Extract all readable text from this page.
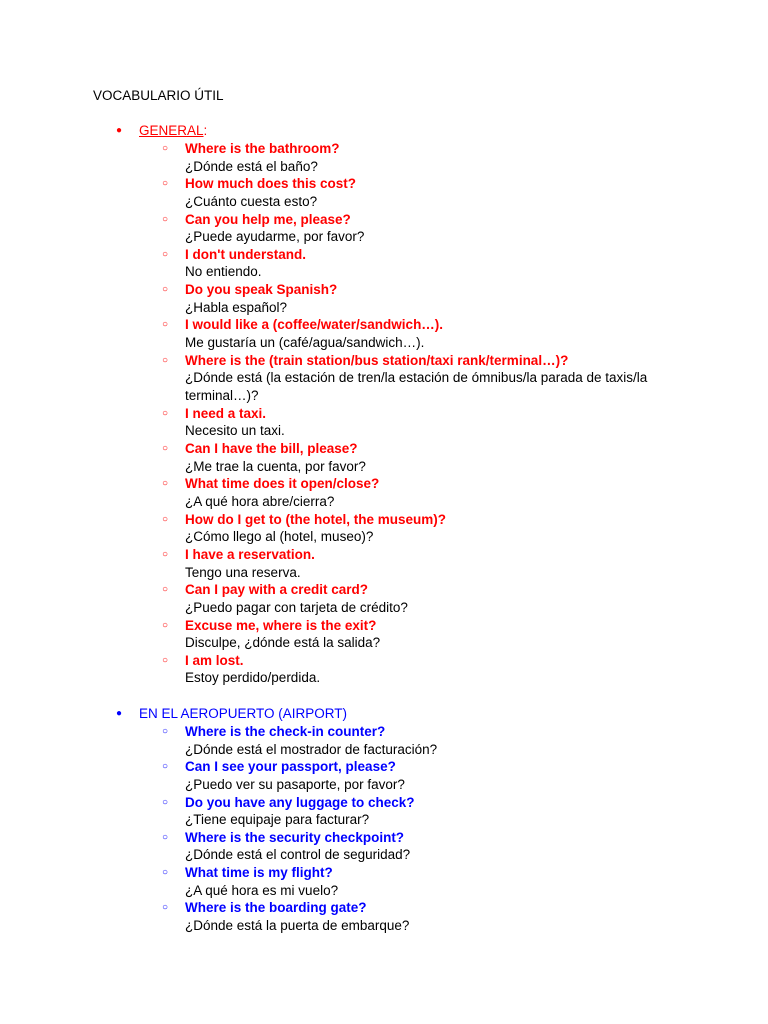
VOCABULARIO ÚTIL
● GENERAL:
○ Where is the bathroom?
¿Dónde está el baño?
○ How much does this cost?
¿Cuánto cuesta esto?
○ Can you help me, please?
¿Puede ayudarme, por favor?
○ I don't understand.
No entiendo.
○ Do you speak Spanish?
¿Habla español?
○ I would like a (coffee/water/sandwich…).
Me gustaría un (café/agua/sandwich…).
○ Where is the (train station/bus station/taxi rank/terminal…)?
¿Dónde está (la estación de tren/la estación de ómnibus/la parada de taxis/la terminal…)?
○ I need a taxi.
Necesito un taxi.
○ Can I have the bill, please?
¿Me trae la cuenta, por favor?
○ What time does it open/close?
¿A qué hora abre/cierra?
○ How do I get to (the hotel, the museum)?
¿Cómo llego al (hotel, museo)?
○ I have a reservation.
Tengo una reserva.
○ Can I pay with a credit card?
¿Puedo pagar con tarjeta de crédito?
○ Excuse me, where is the exit?
Disculpe, ¿dónde está la salida?
○ I am lost.
Estoy perdido/perdida.
● EN EL AEROPUERTO (AIRPORT)
○ Where is the check-in counter?
¿Dónde está el mostrador de facturación?
○ Can I see your passport, please?
¿Puedo ver su pasaporte, por favor?
○ Do you have any luggage to check?
¿Tiene equipaje para facturar?
○ Where is the security checkpoint?
¿Dónde está el control de seguridad?
○ What time is my flight?
¿A qué hora es mi vuelo?
○ Where is the boarding gate?
¿Dónde está la puerta de embarque?
